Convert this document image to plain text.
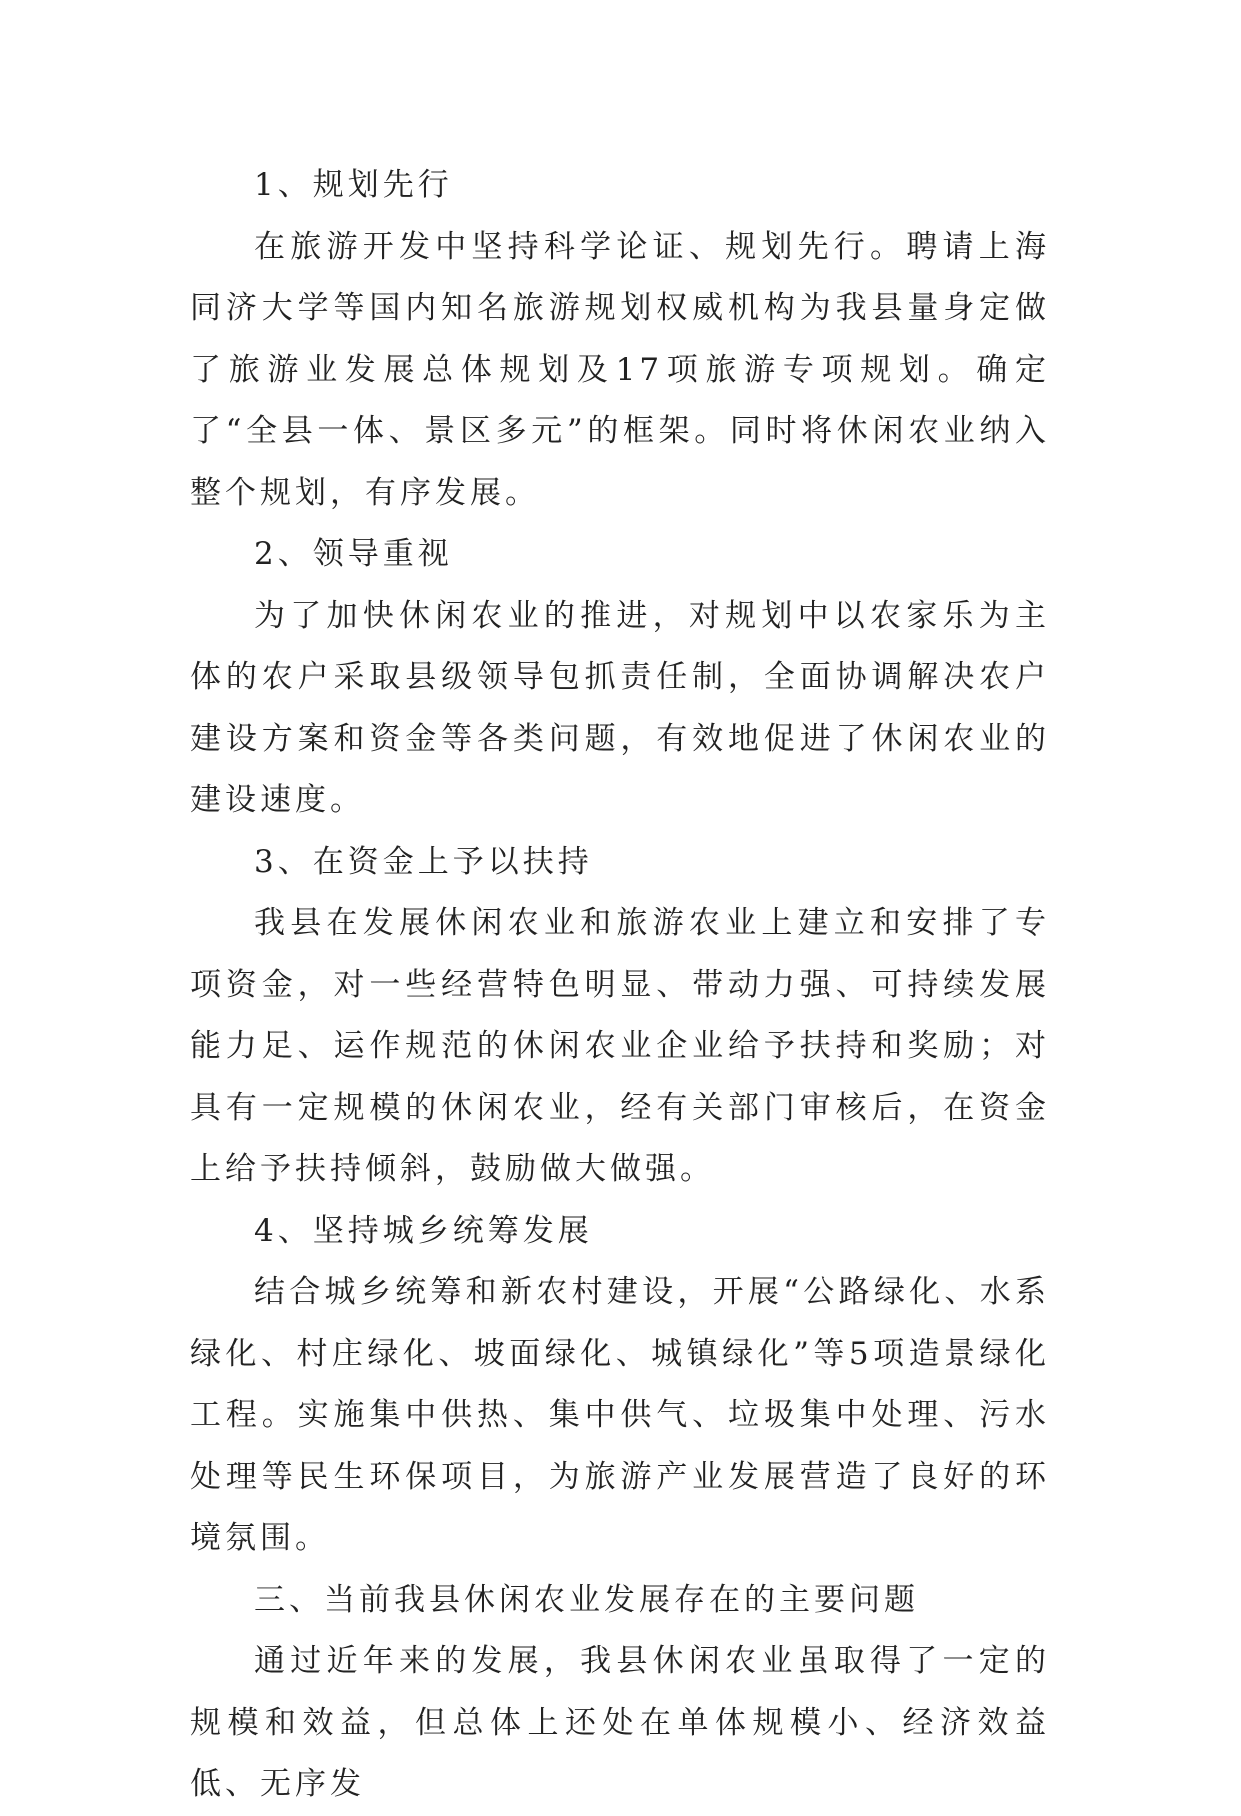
1、规划先行

在旅游开发中坚持科学论证、规划先行。聘请上海同济大学等国内知名旅游规划权威机构为我县量身定做了旅游业发展总体规划及17项旅游专项规划。确定了“全县一体、景区多元”的框架。同时将休闲农业纳入整个规划，有序发展。

2、领导重视

为了加快休闲农业的推进，对规划中以农家乐为主体的农户采取县级领导包抓责任制，全面协调解决农户建设方案和资金等各类问题，有效地促进了休闲农业的建设速度。

3、在资金上予以扶持

我县在发展休闲农业和旅游农业上建立和安排了专项资金，对一些经营特色明显、带动力强、可持续发展能力足、运作规范的休闲农业企业给予扶持和奖励；对具有一定规模的休闲农业，经有关部门审核后，在资金上给予扶持倾斜，鼓励做大做强。

4、坚持城乡统筹发展

结合城乡统筹和新农村建设，开展“公路绿化、水系绿化、村庄绿化、坡面绿化、城镇绿化”等5项造景绿化工程。实施集中供热、集中供气、垃圾集中处理、污水处理等民生环保项目，为旅游产业发展营造了良好的环境氛围。

三、当前我县休闲农业发展存在的主要问题

通过近年来的发展，我县休闲农业虽取得了一定的规模和效益，但总体上还处在单体规模小、经济效益低、无序发
